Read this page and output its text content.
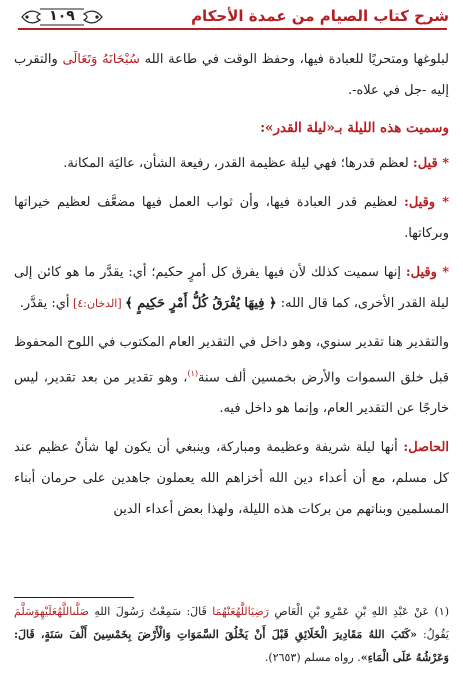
١٠٩	شرح كتاب الصيام من عمدة الأحكام

لبلوغها ومتحريًا للعبادة فيها، وحفظ الوقت في طاعة الله سُبْحَانَهُ وَتَعَالَى والتقرب إليه -جل في علاه-.

وسميت هذه الليلة بـ«ليلة القدر»:

* قيل: لعظم قدرها؛ فهي ليلة عظيمة القدر، رفيعة الشأن، عاليَة المكانة.

* وقيل: لعظيم قدر العبادة فيها، وأن ثواب العمل فيها مضعَّف لعظيم خيراتها وبركاتها.

* وقيل: إنها سميت كذلك لأن فيها يفرق كل أمرٍ حكيم؛ أي: يقدَّر ما هو كائن إلى ليلة القدر الأخرى، كما قال الله: ﴿ فِيهَا يُفْرَقُ كُلُّ أَمْرٍ حَكِيمٍ ﴾ [الدخان:٤] أي: يقدَّر.

والتقدير هنا تقدير سنوي، وهو داخل في التقدير العام المكتوب في اللوح المحفوظ قبل خلق السموات والأرض بخمسين ألف سنة$^{(١)}$، وهو تقدير من بعد تقدير، ليس خارجًا عن التقدير العام، وإنما هو داخل فيه.

الحاصل: أنها ليلة شريفة وعظيمة ومباركة، وينبغي أن يكون لها شأنٌ عظيم عند كل مسلم، مع أن أعداء دين الله أخزاهم الله يعملون جاهدين على حرمان أبناء المسلمين وبناتهم من بركات هذه الليلة، ولهذا بعض أعداء الدين

(١) عَنْ عَبْدِ اللهِ بْنِ عَمْرِو بْنِ الْعَاصِ رَضِيَاللَّهُعَنْهُمَا قَالَ: سَمِعْتُ رَسُولَ اللهِ صَلَّىاللَّهُعَلَيْهِوَسَلَّمَ يَقُولُ: «كَتَبَ اللهُ مَقَادِيرَ الْخَلَائِقِ قَبْلَ أَنْ يَخْلُقَ السَّمَوَاتِ وَالْأَرْضَ بِخَمْسِينَ أَلْفَ سَنَةٍ، قَالَ: وَعَرْشُهُ عَلَى الْمَاءِ». رواه مسلم (٢٦٥٣).
